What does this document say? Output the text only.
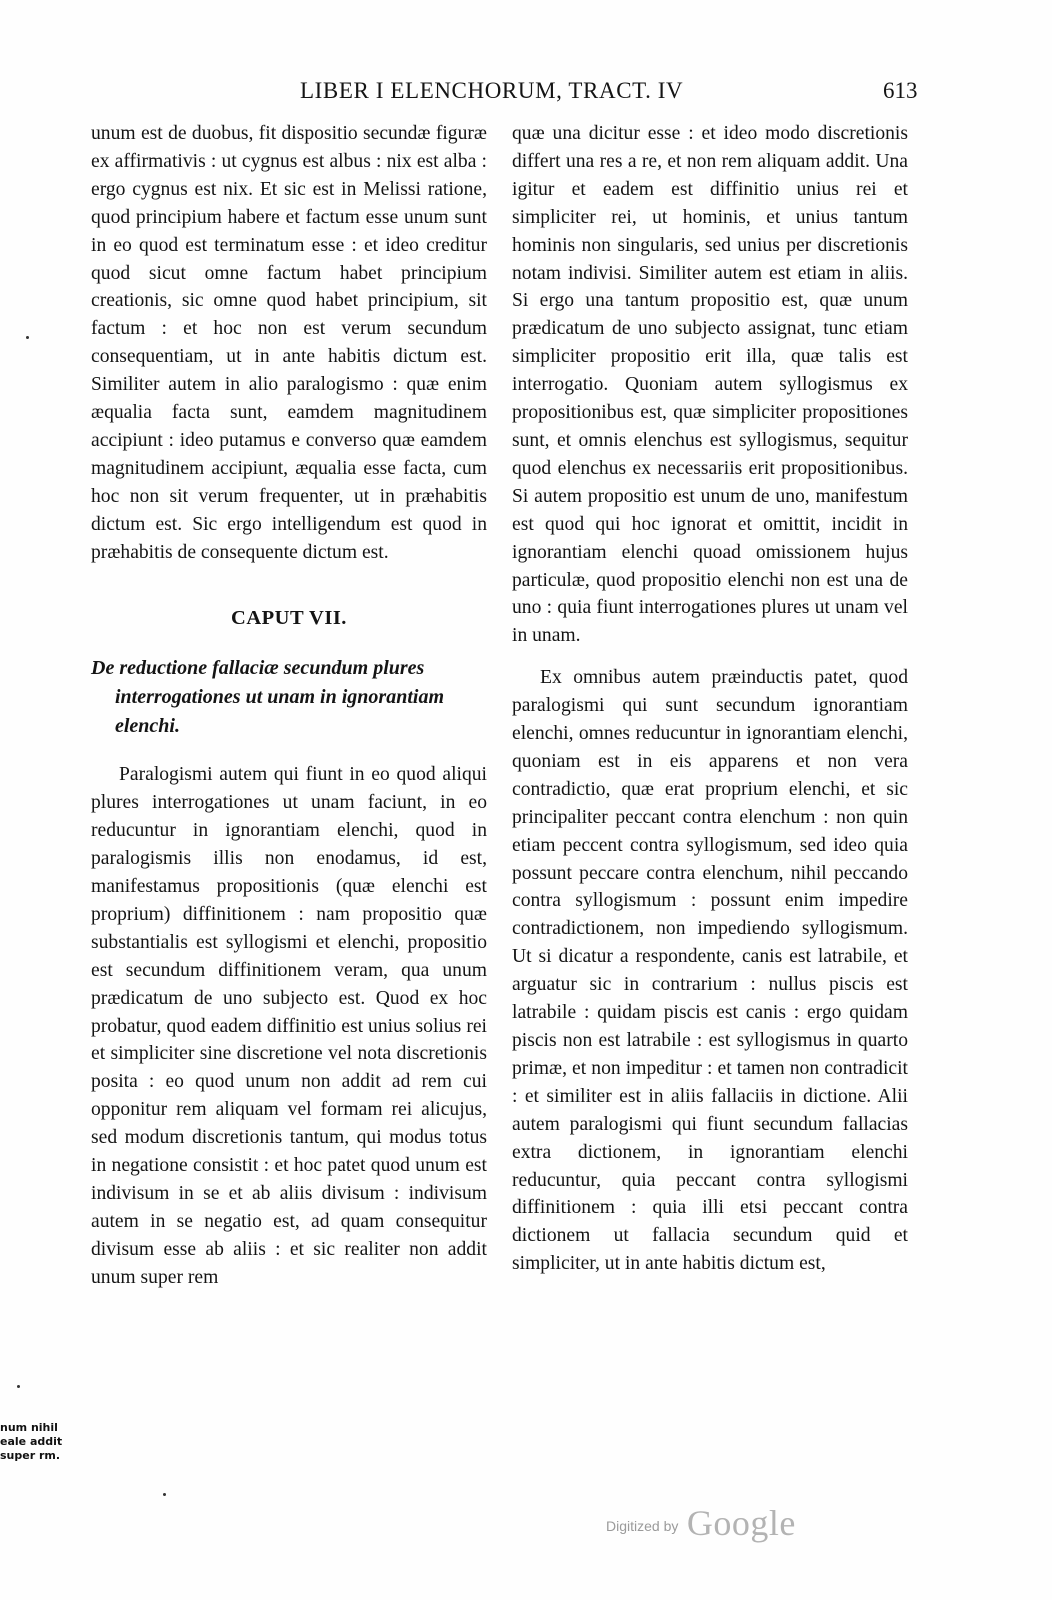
LIBER I ELENCHORUM, TRACT. IV	613

unum est de duobus, fit dispositio secundæ figuræ ex affirmativis : ut cygnus est albus : nix est alba : ergo cygnus est nix. Et sic est in Melissi ratione, quod principium habere et factum esse unum sunt in eo quod est terminatum esse : et ideo creditur quod sicut omne factum habet principium creationis, sic omne quod habet principium, sit factum : et hoc non est verum secundum consequentiam, ut in ante habitis dictum est. Similiter autem in alio paralogismo : quæ enim æqualia facta sunt, eamdem magnitudinem accipiunt : ideo putamus e converso quæ eamdem magnitudinem accipiunt, æqualia esse facta, cum hoc non sit verum frequenter, ut in præhabitis dictum est. Sic ergo intelligendum est quod in præhabitis de consequente dictum est.

CAPUT VII.
De reductione fallaciæ secundum plures interrogationes ut unam in ignorantiam elenchi.

Paralogismi autem qui fiunt in eo quod aliqui plures interrogationes ut unam faciunt, in eo reducuntur in ignorantiam elenchi, quod in paralogismis illis non enodamus, id est, manifestamus propositionis (quæ elenchi est proprium) diffinitionem : nam propositio quæ substantialis est syllogismi et elenchi, propositio est secundum diffinitionem veram, qua unum prædicatum de uno subjecto est. Quod ex hoc probatur, quod eadem diffinitio est unius solius rei et simpliciter sine discretione vel nota discretionis posita : eo quod unum non addit ad rem cui opponitur rem aliquam vel formam rei alicujus, sed modum discretionis tantum, qui modus totus in negatione consistit : et hoc patet quod unum est indivisum in se et ab aliis divisum : indivisum autem in se negatio est, ad quam consequitur divisum esse ab aliis : et sic realiter non addit unum super rem

quæ una dicitur esse : et ideo modo discretionis differt una res a re, et non rem aliquam addit. Una igitur et eadem est diffinitio unius rei et simpliciter rei, ut hominis, et unius tantum hominis non singularis, sed unius per discretionis notam indivisi. Similiter autem est etiam in aliis. Si ergo una tantum propositio est, quæ unum prædicatum de uno subjecto assignat, tunc etiam simpliciter propositio erit illa, quæ talis est interrogatio. Quoniam autem syllogismus ex propositionibus est, quæ simpliciter propositiones sunt, et omnis elenchus est syllogismus, sequitur quod elenchus ex necessariis erit propositionibus. Si autem propositio est unum de uno, manifestum est quod qui hoc ignorat et omittit, incidit in ignorantiam elenchi quoad omissionem hujus particulæ, quod propositio elenchi non est una de uno : quia fiunt interrogationes plures ut unam vel in unam.

Ex omnibus autem præinductis patet, quod paralogismi qui sunt secundum ignorantiam elenchi, omnes reducuntur in ignorantiam elenchi, quoniam est in eis apparens et non vera contradictio, quæ erat proprium elenchi, et sic principaliter peccant contra elenchum : non quin etiam peccent contra syllogismum, sed ideo quia possunt peccare contra elenchum, nihil peccando contra syllogismum : possunt enim impedire contradictionem, non impediendo syllogismum. Ut si dicatur a respondente, canis est latrabile, et arguatur sic in contrarium : nullus piscis est latrabile : quidam piscis est canis : ergo quidam piscis non est latrabile : est syllogismus in quarto primæ, et non impeditur : et tamen non contradicit : et similiter est in aliis fallaciis in dictione. Alii autem paralogismi qui fiunt secundum fallacias extra dictionem, in ignorantiam elenchi reducuntur, quia peccant contra syllogismi diffinitionem : quia illi etsi peccant contra dictionem ut fallacia secundum quid et simpliciter, ut in ante habitis dictum est,

num nihil
eale addit
super rm.
Digitized by Google
